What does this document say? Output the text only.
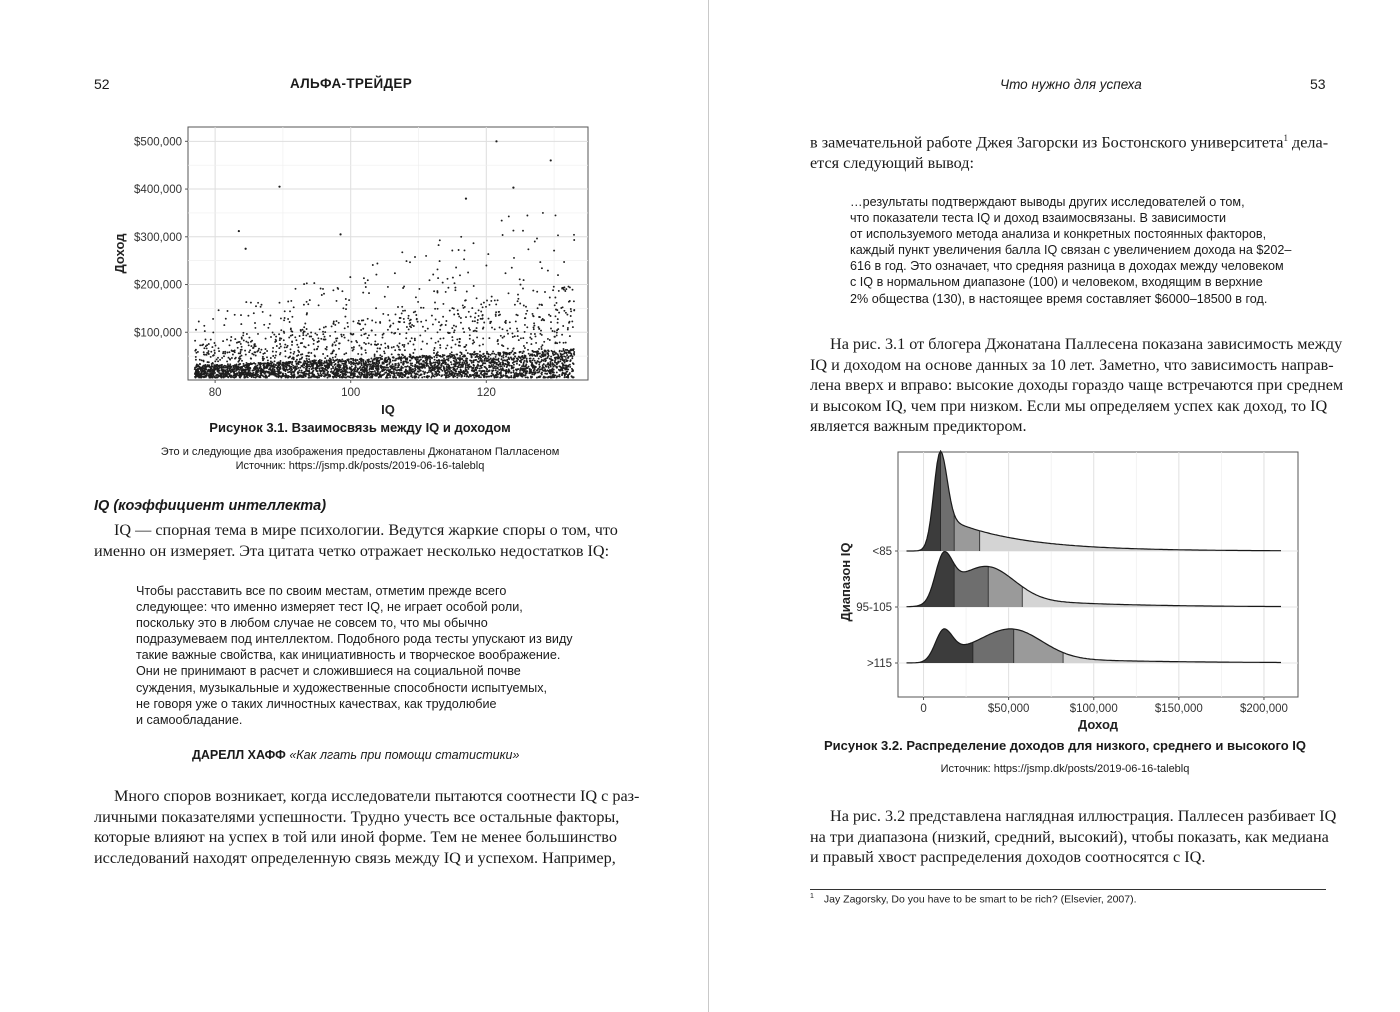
52	АЛЬФА-ТРЕЙДЕР
$100,000
$200,000
$300,000
$400,000
$500,000
80	100	120
IQ
Доход
Рисунок 3.1. Взаимосвязь между IQ и доходом
Это и следующие два изображения предоставлены Джонатаном Палласеном
Источник: https://jsmp.dk/posts/2019-06-16-taleblq
IQ (коэффициент интеллекта)
IQ — спорная тема в мире психологии. Ведутся жаркие споры о том, что
именно он измеряет. Эта цитата четко отражает несколько недостатков IQ:
Чтобы расставить все по своим местам, отметим прежде всего
следующее: что именно измеряет тест IQ, не играет особой роли,
поскольку это в любом случае не совсем то, что мы обычно
подразумеваем под интеллектом. Подобного рода тесты упускают из виду
такие важные свойства, как инициативность и творческое воображение.
Они не принимают в расчет и сложившиеся на социальной почве
суждения, музыкальные и художественные способности испытуемых,
не говоря уже о таких личностных качествах, как трудолюбие
и самообладание.
ДАРЕЛЛ ХАФФ «Как лгать при помощи статистики»
Много споров возникает, когда исследователи пытаются соотнести IQ с раз-
личными показателями успешности. Трудно учесть все остальные факторы,
которые влияют на успех в той или иной форме. Тем не менее большинство
исследований находят определенную связь между IQ и успехом. Например,
Что нужно для успеха	53
в замечательной работе Джея Загорски из Бостонского университета$^1$ дела-
ется следующий вывод:
…результаты подтверждают выводы других исследователей о том,
что показатели теста IQ и доход взаимосвязаны. В зависимости
от используемого метода анализа и конкретных постоянных факторов,
каждый пункт увеличения балла IQ связан с увеличением дохода на $202–
616 в год. Это означает, что средняя разница в доходах между человеком
с IQ в нормальном диапазоне (100) и человеком, входящим в верхние
2% общества (130), в настоящее время составляет $6000–18500 в год.
На рис. 3.1 от блогера Джонатана Паллесена показана зависимость между
IQ и доходом на основе данных за 10 лет. Заметно, что зависимость направ-
лена вверх и вправо: высокие доходы гораздо чаще встречаются при среднем
и высоком IQ, чем при низком. Если мы определяем успех как доход, то IQ
является важным предиктором.
<85
95-105
>115
0	$50,000	$100,000	$150,000	$200,000
Доход
Диапазон IQ
Рисунок 3.2. Распределение доходов для низкого, среднего и высокого IQ
Источник: https://jsmp.dk/posts/2019-06-16-taleblq
На рис. 3.2 представлена наглядная иллюстрация. Паллесен разбивает IQ
на три диапазона (низкий, средний, высокий), чтобы показать, как медиана
и правый хвост распределения доходов соотносятся с IQ.
$^1$ Jay Zagorsky, Do you have to be smart to be rich? (Elsevier, 2007).
